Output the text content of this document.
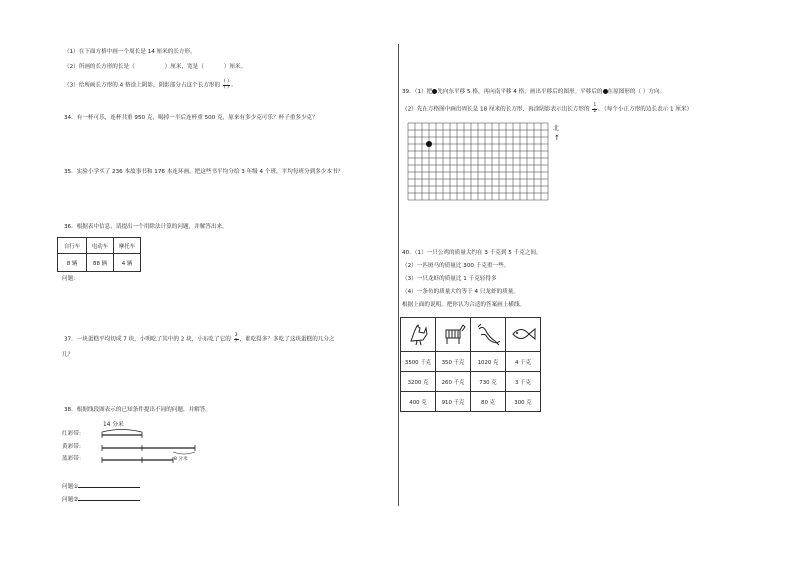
（1）在下面方格中画一个周长是 14 厘米的长方形。
（2）所画的长方形的长是（	）厘米，宽是（	）厘米。
（3）给所画长方形的 4 格涂上阴影，阴影部分占这个长方形的 $\frac{( )}{( )}$ 。
34．有一杯可乐，连杯共重 950 克，喝掉一半后连杯重 500 克，原来有多少克可乐？杯子重多少克？
35．实验小学买了 236 本故事书和 176 本连环画，把这些书平均分给 3 年级 4 个班，平均每班分到多少本书？
36．根据表中信息，请提出一个用除法计算的问题，并解答出来。
自行车	电动车	摩托车
8 辆	88 辆	4 辆
问题：
37．一块蛋糕平均切成 7 块，小明吃了其中的 2 块，小东吃了它的 $\frac{3}{7}$ ，谁吃得多？多吃了这块蛋糕的几分之
几？
38．根据线段图表示的已知条件提出不同的问题，并解答。
14 分米
红彩带：
黄彩带：
蓝彩带：	8 分米
问题①
问题②
39．（1）把 先向东平移 5 格，再向南平移 4 格，画出平移后的图形。平移后的 在原图形的（ ）方向。
（2）先在方格图中画出周长是 18 厘米的长方形，再涂阴影表示出长方形的 $\frac{1}{2}$ 。（每个小正方形的边长表示 1 厘米）
北
↑
40．（1）一只公鸡的质量大约在 3 千克到 5 千克之间。
（2）一匹斑马的质量比 300 千克重一些。
（3）一只龙虾的质量比 1 千克轻得多
（4）一条鱼的质量大约等于 4 只龙虾的质量。
根据上面的说明，把你认为合适的答案画上横线。

3500 千克	350 千克	1020 克	4 千克
3200 克	260 千克	730 克	3 千克
400 克	910 千克	80 克	300 克
